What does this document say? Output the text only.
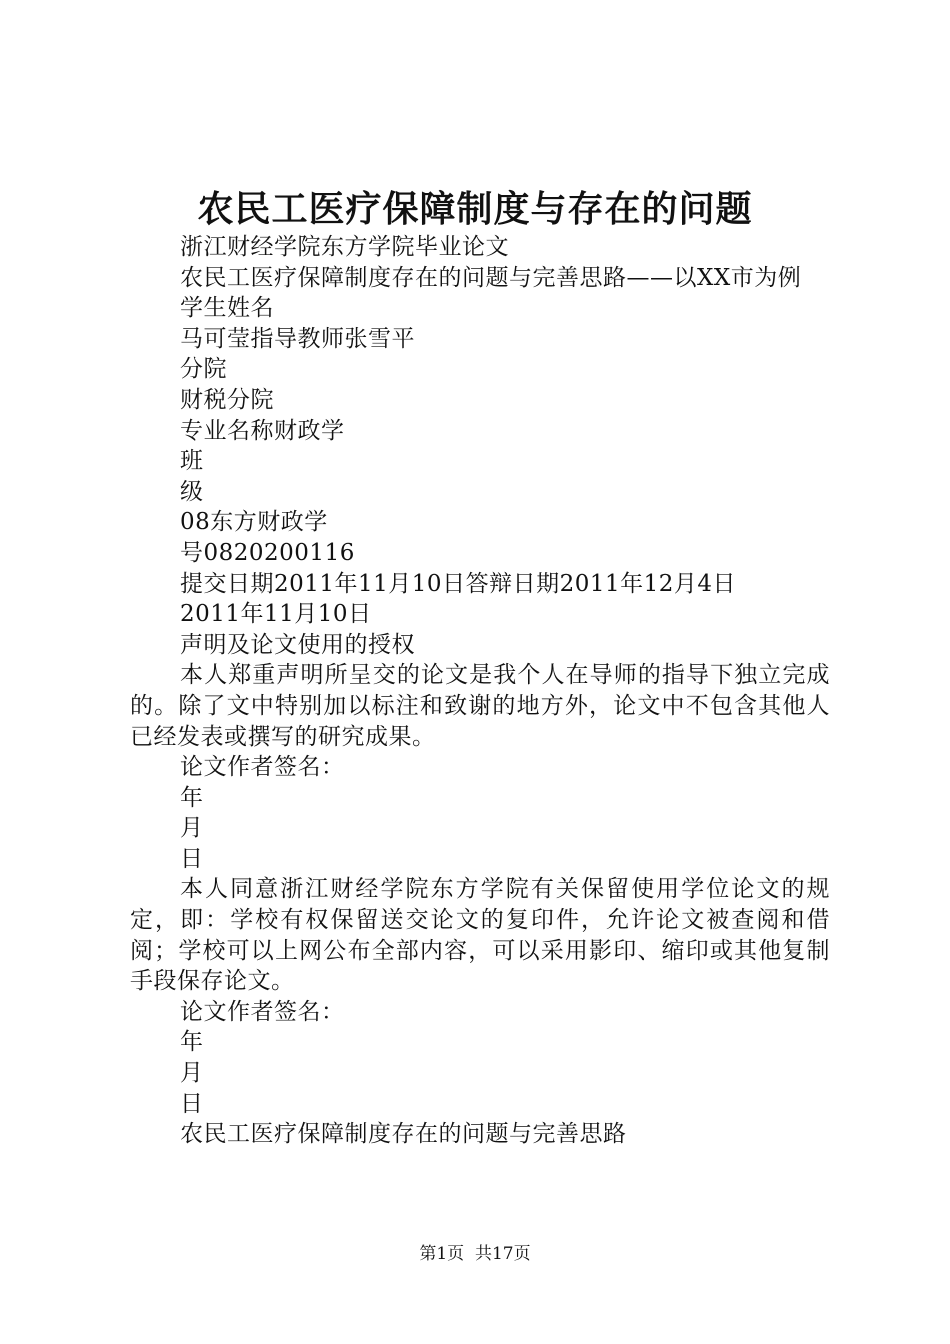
农民工医疗保障制度与存在的问题

浙江财经学院东方学院毕业论文

农民工医疗保障制度存在的问题与完善思路——以XX市为例

学生姓名

马可莹指导教师张雪平

分院

财税分院

专业名称财政学

班

级

08东方财政学

号0820200116

提交日期2011年11月10日答辩日期2011年12月4日

2011年11月10日

声明及论文使用的授权

本人郑重声明所呈交的论文是我个人在导师的指导下独立完成的。除了文中特别加以标注和致谢的地方外，论文中不包含其他人已经发表或撰写的研究成果。

论文作者签名：

年

月

日

本人同意浙江财经学院东方学院有关保留使用学位论文的规定，即：学校有权保留送交论文的复印件，允许论文被查阅和借阅；学校可以上网公布全部内容，可以采用影印、缩印或其他复制手段保存论文。

论文作者签名：

年

月

日

农民工医疗保障制度存在的问题与完善思路

第1页  共17页
